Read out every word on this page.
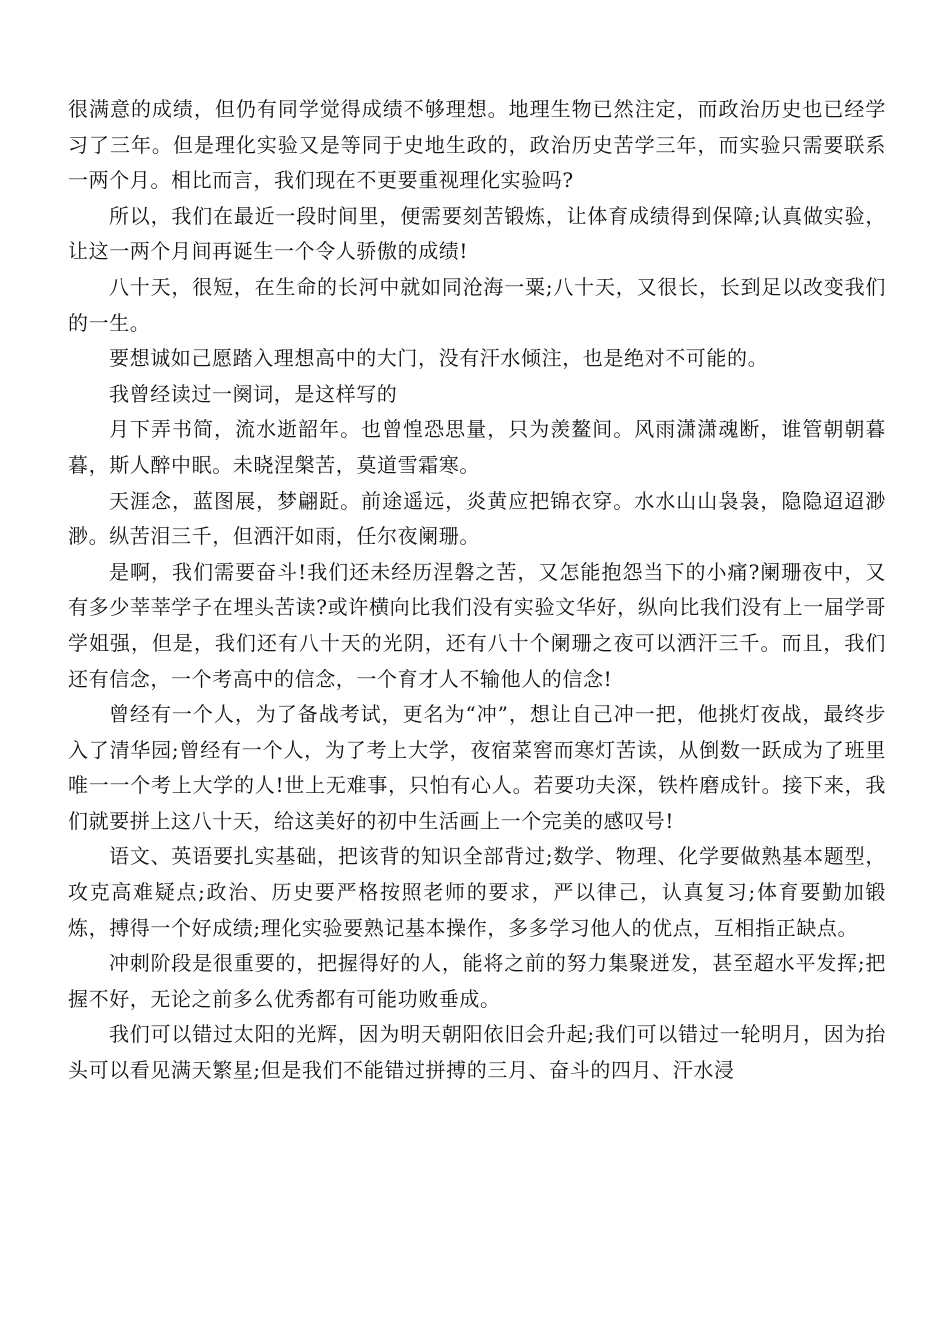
很满意的成绩，但仍有同学觉得成绩不够理想。地理生物已然注定，而政治历史也已经学习了三年。但是理化实验又是等同于史地生政的，政治历史苦学三年，而实验只需要联系一两个月。相比而言，我们现在不更要重视理化实验吗?

所以，我们在最近一段时间里，便需要刻苦锻炼，让体育成绩得到保障;认真做实验，让这一两个月间再诞生一个令人骄傲的成绩!

八十天，很短，在生命的长河中就如同沧海一粟;八十天，又很长，长到足以改变我们的一生。

要想诚如己愿踏入理想高中的大门，没有汗水倾注，也是绝对不可能的。

我曾经读过一阕词，是这样写的

月下弄书简，流水逝韶年。也曾惶恐思量，只为羡鳌间。风雨潇潇魂断，谁管朝朝暮暮，斯人醉中眠。未晓涅槃苦，莫道雪霜寒。

天涯念，蓝图展，梦翩跹。前途遥远，炎黄应把锦衣穿。水水山山袅袅，隐隐迢迢渺渺。纵苦泪三千，但洒汗如雨，任尔夜阑珊。

是啊，我们需要奋斗!我们还未经历涅磐之苦，又怎能抱怨当下的小痛?阑珊夜中，又有多少莘莘学子在埋头苦读?或许横向比我们没有实验文华好，纵向比我们没有上一届学哥学姐强，但是，我们还有八十天的光阴，还有八十个阑珊之夜可以洒汗三千。而且，我们还有信念，一个考高中的信念，一个育才人不输他人的信念!

曾经有一个人，为了备战考试，更名为“冲”，想让自己冲一把，他挑灯夜战，最终步入了清华园;曾经有一个人，为了考上大学，夜宿菜窖而寒灯苦读，从倒数一跃成为了班里唯一一个考上大学的人!世上无难事，只怕有心人。若要功夫深，铁杵磨成针。接下来，我们就要拼上这八十天，给这美好的初中生活画上一个完美的感叹号!

语文、英语要扎实基础，把该背的知识全部背过;数学、物理、化学要做熟基本题型，攻克高难疑点;政治、历史要严格按照老师的要求，严以律己，认真复习;体育要勤加锻炼，搏得一个好成绩;理化实验要熟记基本操作，多多学习他人的优点，互相指正缺点。

冲刺阶段是很重要的，把握得好的人，能将之前的努力集聚迸发，甚至超水平发挥;把握不好，无论之前多么优秀都有可能功败垂成。

我们可以错过太阳的光辉，因为明天朝阳依旧会升起;我们可以错过一轮明月，因为抬头可以看见满天繁星;但是我们不能错过拼搏的三月、奋斗的四月、汗水浸
